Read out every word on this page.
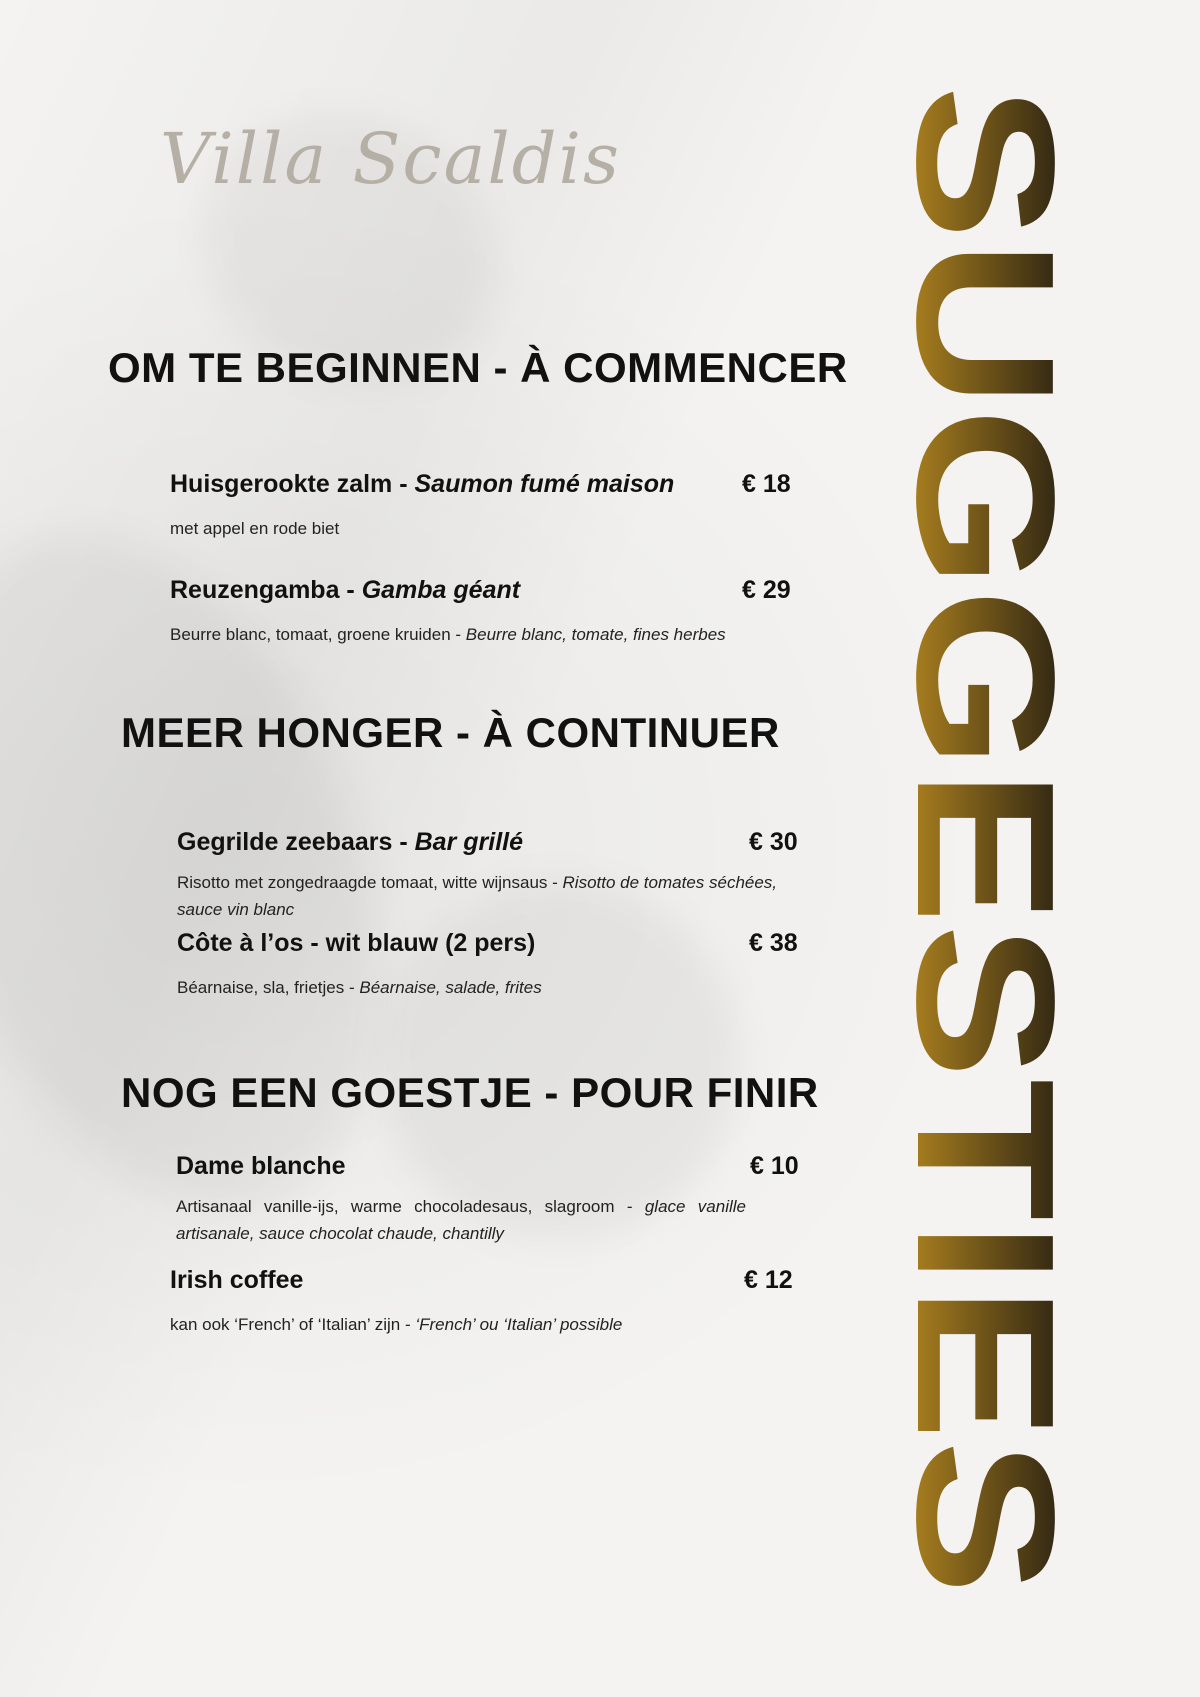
Villa Scaldis
OM TE BEGINNEN - À COMMENCER
Huisgerookte zalm - Saumon fumé maison	€ 18
met appel en rode biet
Reuzengamba - Gamba géant	€ 29
Beurre blanc, tomaat, groene kruiden - Beurre blanc, tomate, fines herbes
MEER HONGER - À CONTINUER
Gegrilde zeebaars - Bar grillé	€ 30
Risotto met zongedraagde tomaat, witte wijnsaus - Risotto de tomates séchées, sauce vin blanc
Côte à l’os - wit blauw (2 pers)	€ 38
Béarnaise, sla, frietjes - Béarnaise, salade, frites
NOG EEN GOESTJE - POUR FINIR
Dame blanche	€ 10
Artisanaal vanille-ijs, warme chocoladesaus, slagroom - glace vanille artisanale, sauce chocolat chaude, chantilly
Irish coffee	€ 12
kan ook ‘French’ of ‘Italian’ zijn - ‘French’ ou ‘Italian’ possible	SUGGESTIES
